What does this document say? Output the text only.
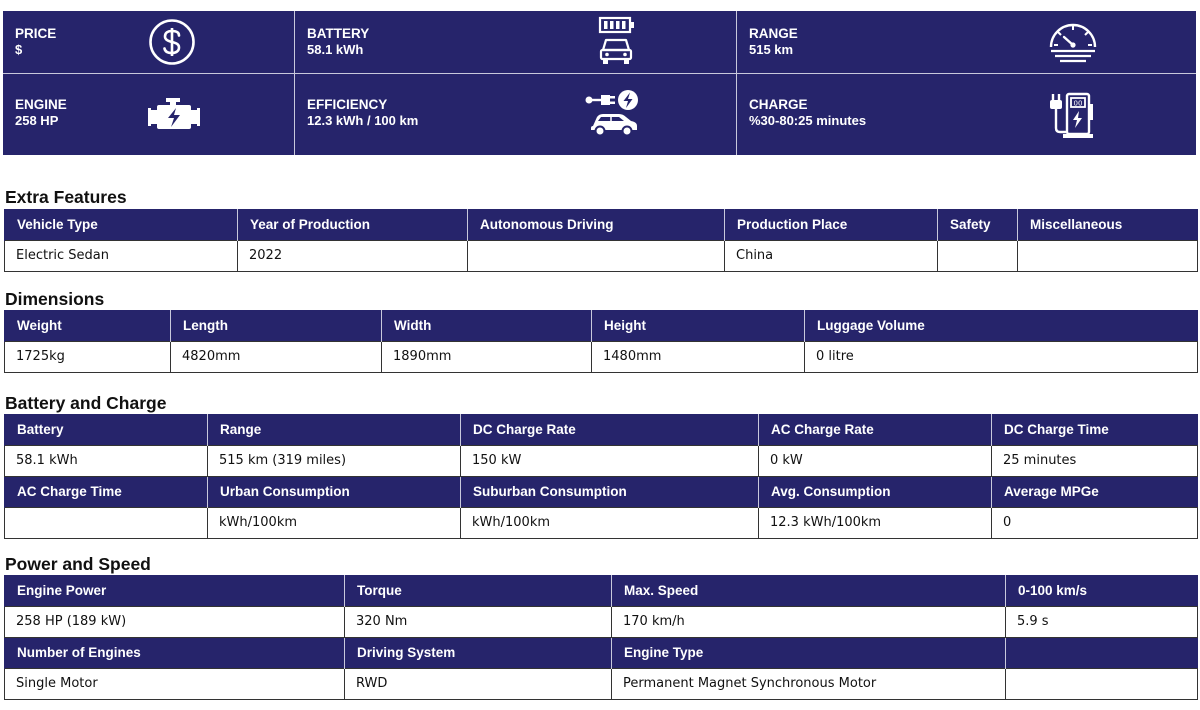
PRICE
$
BATTERY
58.1 kWh
RANGE
515 km
ENGINE
258 HP
EFFICIENCY
12.3 kWh / 100 km
CHARGE
%30-80:25 minutes
00
Extra Features
Vehicle Type	Year of Production	Autonomous Driving	Production Place	Safety	Miscellaneous
Electric Sedan	2022		China		
Dimensions
Weight	Length	Width	Height	Luggage Volume
1725kg	4820mm	1890mm	1480mm	0 litre
Battery and Charge
Battery	Range	DC Charge Rate	AC Charge Rate	DC Charge Time
58.1 kWh	515 km (319 miles)	150 kW	0 kW	25 minutes
AC Charge Time	Urban Consumption	Suburban Consumption	Avg. Consumption	Average MPGe
	kWh/100km	kWh/100km	12.3 kWh/100km	0
Power and Speed
Engine Power	Torque	Max. Speed	0-100 km/s
258 HP (189 kW)	320 Nm	170 km/h	5.9 s
Number of Engines	Driving System	Engine Type	
Single Motor	RWD	Permanent Magnet Synchronous Motor	
